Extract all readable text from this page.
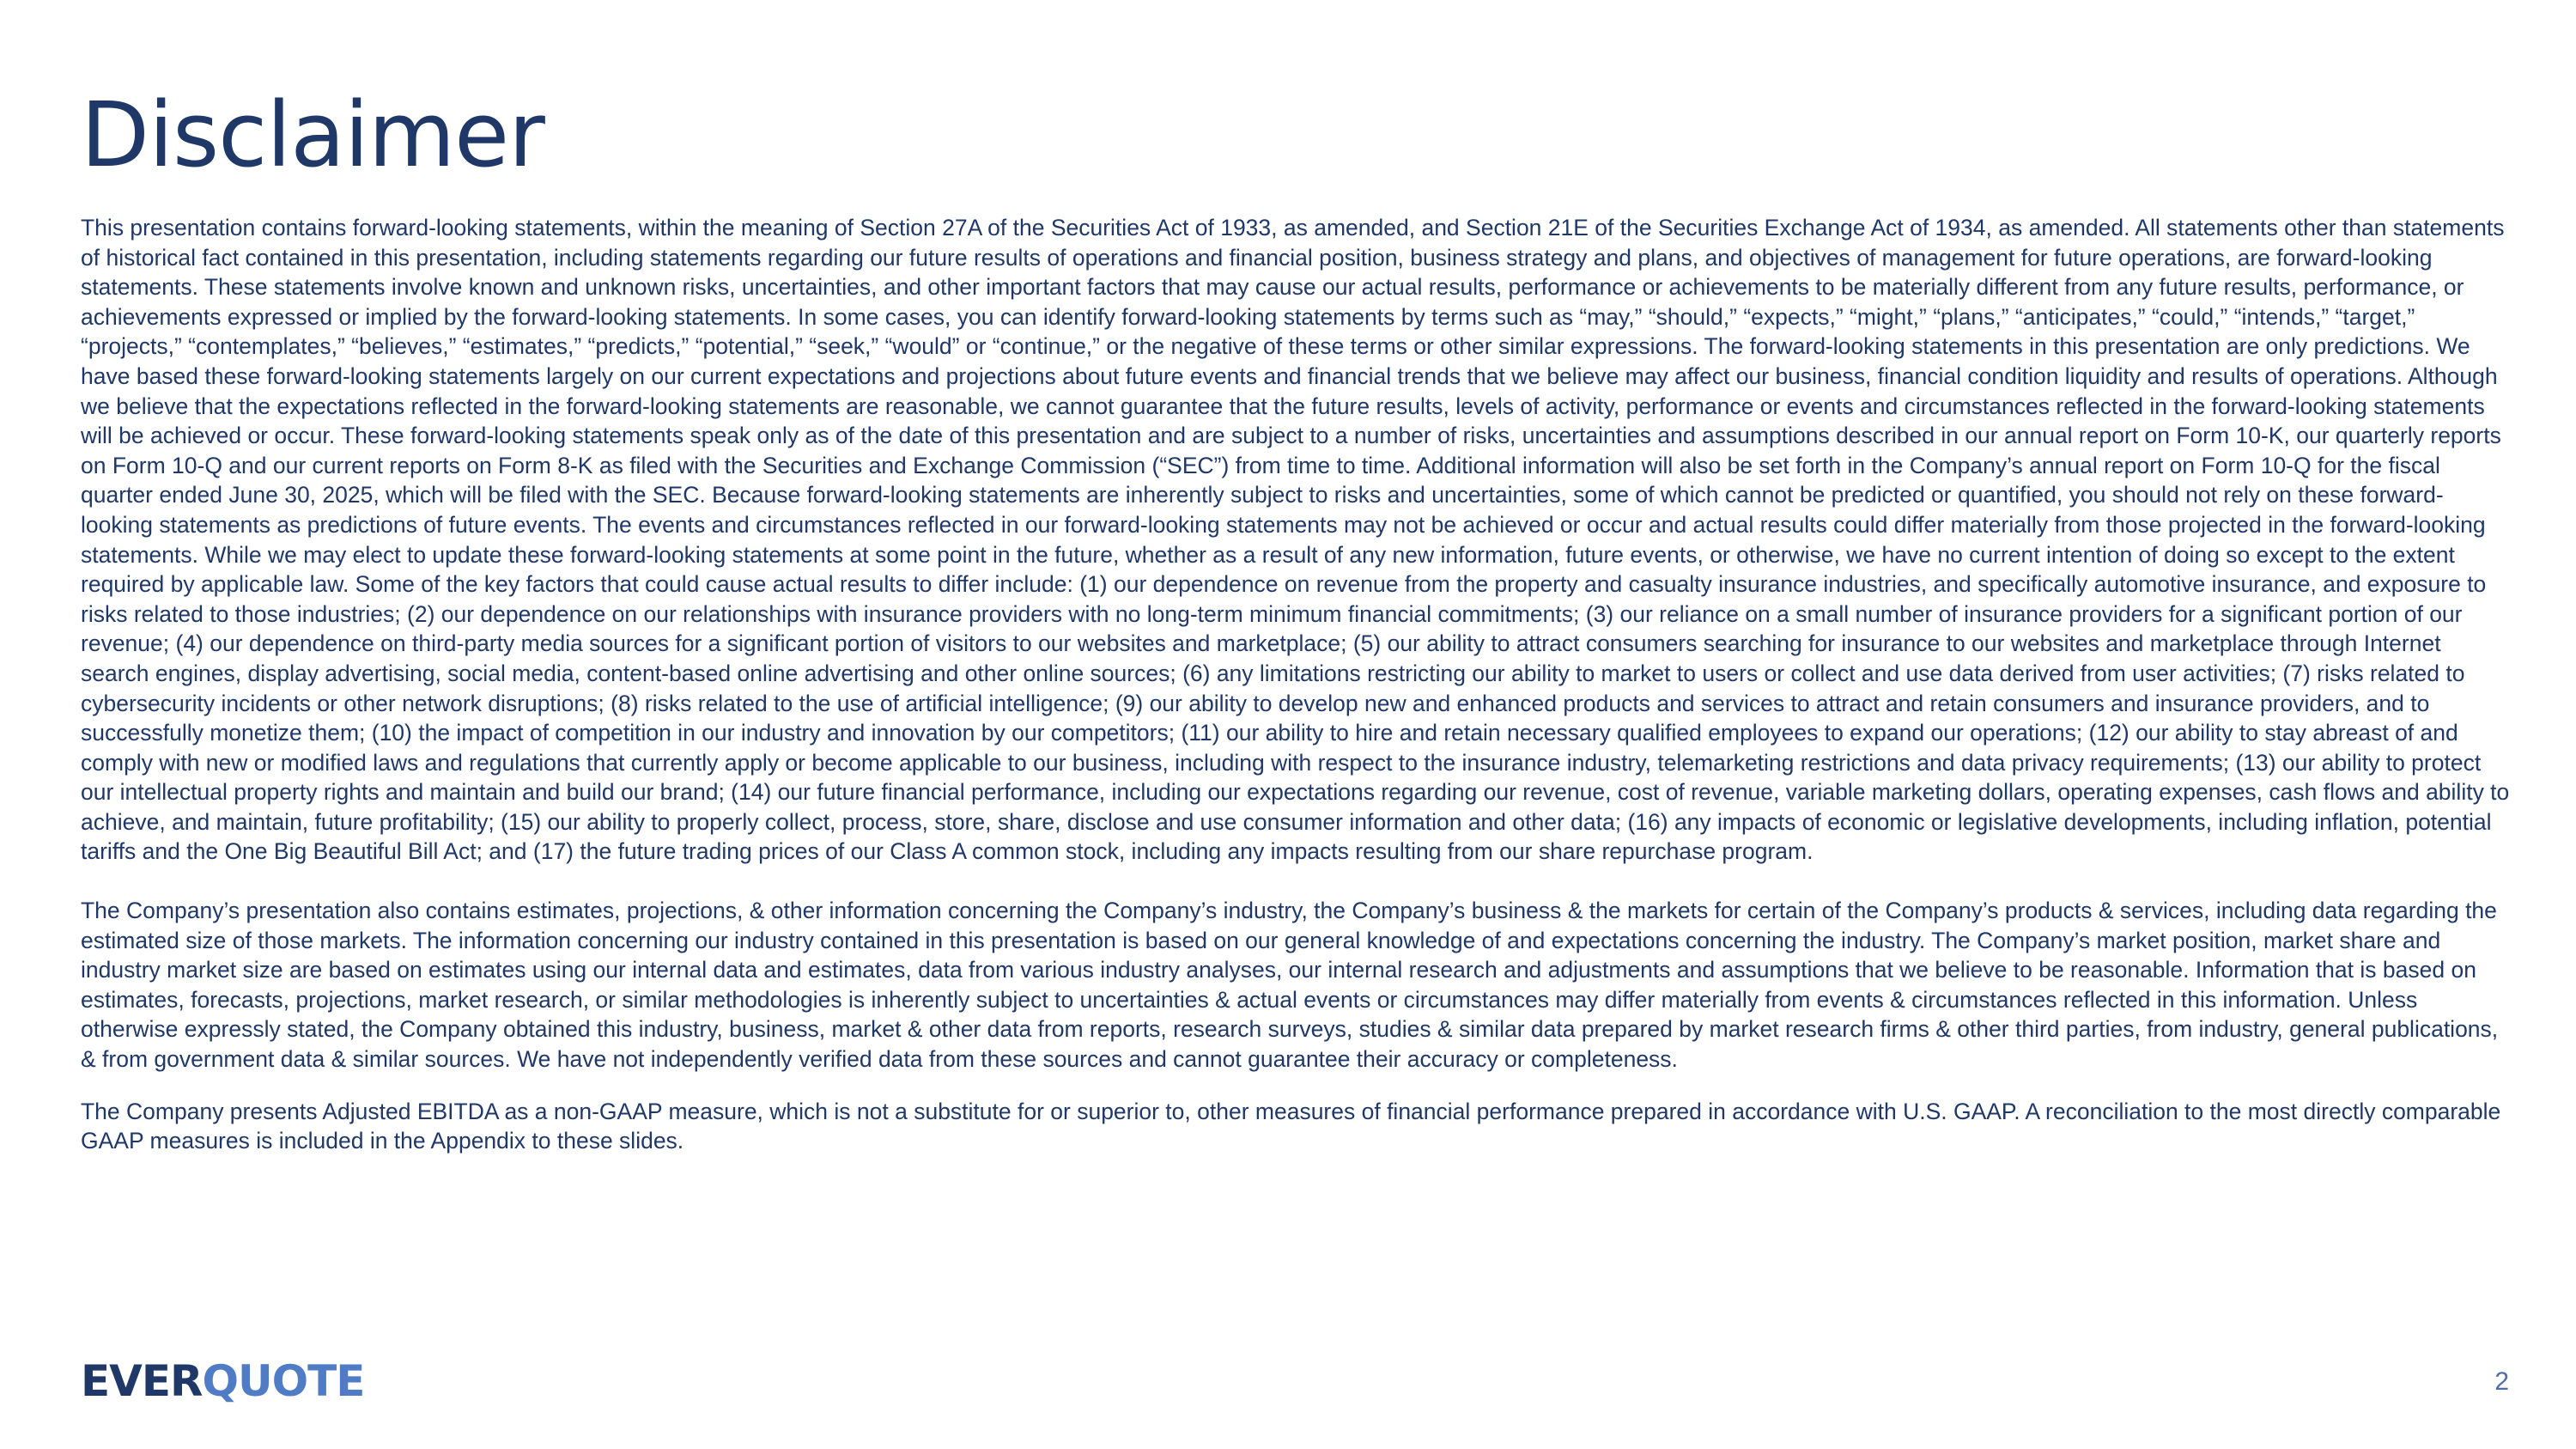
Disclaimer

This presentation contains forward-looking statements, within the meaning of Section 27A of the Securities Act of 1933, as amended, and Section 21E of the Securities Exchange Act of 1934, as amended. All statements other than statements of historical fact contained in this presentation, including statements regarding our future results of operations and financial position, business strategy and plans, and objectives of management for future operations, are forward-looking statements. These statements involve known and unknown risks, uncertainties, and other important factors that may cause our actual results, performance or achievements to be materially different from any future results, performance, or achievements expressed or implied by the forward-looking statements. In some cases, you can identify forward-looking statements by terms such as “may,” “should,” “expects,” “might,” “plans,” “anticipates,” “could,” “intends,” “target,” “projects,” “contemplates,” “believes,” “estimates,” “predicts,” “potential,” “seek,” “would” or “continue,” or the negative of these terms or other similar expressions. The forward-looking statements in this presentation are only predictions. We have based these forward-looking statements largely on our current expectations and projections about future events and financial trends that we believe may affect our business, financial condition liquidity and results of operations. Although we believe that the expectations reflected in the forward-looking statements are reasonable, we cannot guarantee that the future results, levels of activity, performance or events and circumstances reflected in the forward-looking statements will be achieved or occur. These forward-looking statements speak only as of the date of this presentation and are subject to a number of risks, uncertainties and assumptions described in our annual report on Form 10-K, our quarterly reports on Form 10-Q and our current reports on Form 8-K as filed with the Securities and Exchange Commission (“SEC”) from time to time. Additional information will also be set forth in the Company’s annual report on Form 10-Q for the fiscal quarter ended June 30, 2025, which will be filed with the SEC. Because forward-looking statements are inherently subject to risks and uncertainties, some of which cannot be predicted or quantified, you should not rely on these forward-looking statements as predictions of future events. The events and circumstances reflected in our forward-looking statements may not be achieved or occur and actual results could differ materially from those projected in the forward-looking statements. While we may elect to update these forward-looking statements at some point in the future, whether as a result of any new information, future events, or otherwise, we have no current intention of doing so except to the extent required by applicable law. Some of the key factors that could cause actual results to differ include: (1) our dependence on revenue from the property and casualty insurance industries, and specifically automotive insurance, and exposure to risks related to those industries; (2) our dependence on our relationships with insurance providers with no long-term minimum financial commitments; (3) our reliance on a small number of insurance providers for a significant portion of our revenue; (4) our dependence on third-party media sources for a significant portion of visitors to our websites and marketplace; (5) our ability to attract consumers searching for insurance to our websites and marketplace through Internet search engines, display advertising, social media, content-based online advertising and other online sources; (6) any limitations restricting our ability to market to users or collect and use data derived from user activities; (7) risks related to cybersecurity incidents or other network disruptions; (8) risks related to the use of artificial intelligence; (9) our ability to develop new and enhanced products and services to attract and retain consumers and insurance providers, and to successfully monetize them; (10) the impact of competition in our industry and innovation by our competitors; (11) our ability to hire and retain necessary qualified employees to expand our operations; (12) our ability to stay abreast of and comply with new or modified laws and regulations that currently apply or become applicable to our business, including with respect to the insurance industry, telemarketing restrictions and data privacy requirements; (13) our ability to protect our intellectual property rights and maintain and build our brand; (14) our future financial performance, including our expectations regarding our revenue, cost of revenue, variable marketing dollars, operating expenses, cash flows and ability to achieve, and maintain, future profitability; (15) our ability to properly collect, process, store, share, disclose and use consumer information and other data; (16) any impacts of economic or legislative developments, including inflation, potential tariffs and the One Big Beautiful Bill Act; and (17) the future trading prices of our Class A common stock, including any impacts resulting from our share repurchase program.

The Company’s presentation also contains estimates, projections, & other information concerning the Company’s industry, the Company’s business & the markets for certain of the Company’s products & services, including data regarding the estimated size of those markets. The information concerning our industry contained in this presentation is based on our general knowledge of and expectations concerning the industry. The Company’s market position, market share and industry market size are based on estimates using our internal data and estimates, data from various industry analyses, our internal research and adjustments and assumptions that we believe to be reasonable. Information that is based on estimates, forecasts, projections, market research, or similar methodologies is inherently subject to uncertainties & actual events or circumstances may differ materially from events & circumstances reflected in this information. Unless otherwise expressly stated, the Company obtained this industry, business, market & other data from reports, research surveys, studies & similar data prepared by market research firms & other third parties, from industry, general publications, & from government data & similar sources. We have not independently verified data from these sources and cannot guarantee their accuracy or completeness.

The Company presents Adjusted EBITDA as a non-GAAP measure, which is not a substitute for or superior to, other measures of financial performance prepared in accordance with U.S. GAAP. A reconciliation to the most directly comparable GAAP measures is included in the Appendix to these slides.

EVERQUOTE	2
